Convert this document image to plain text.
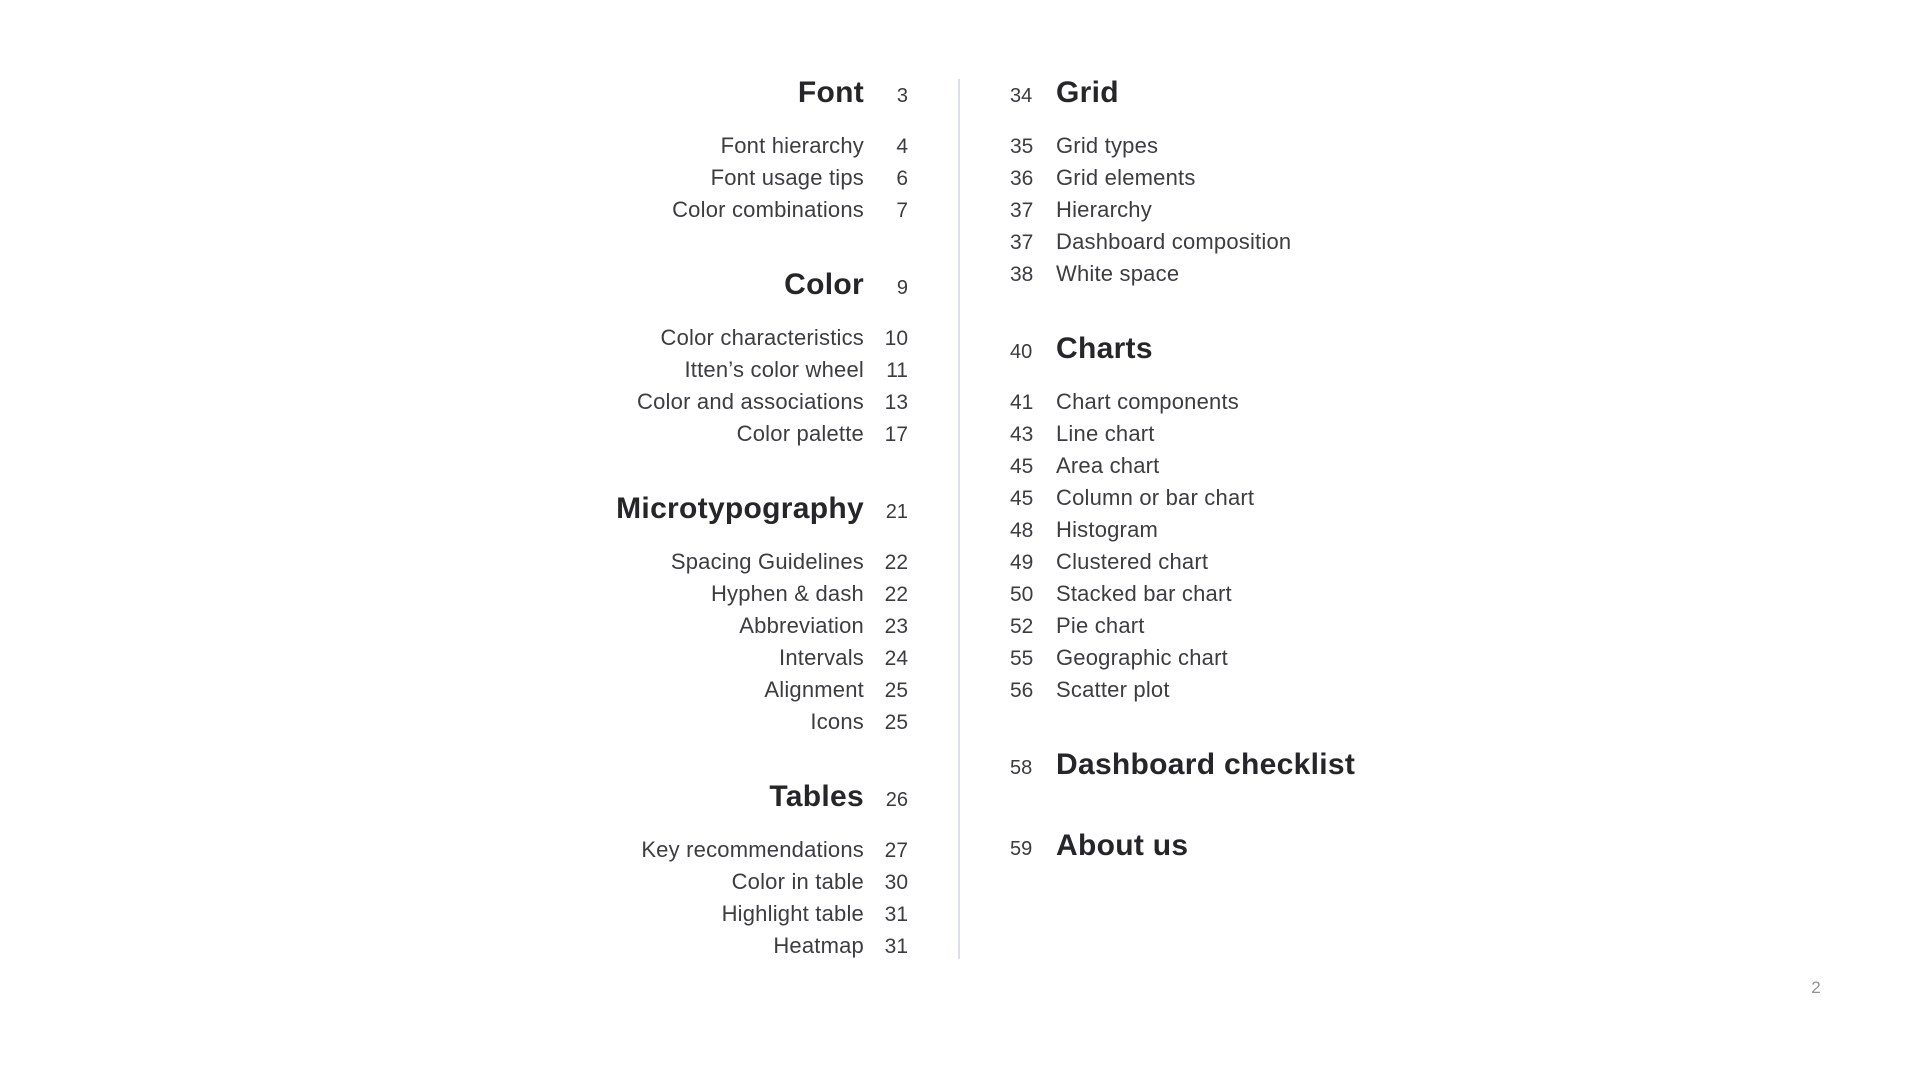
Font	3
Font hierarchy	4
Font usage tips	6
Color combinations	7
Color	9
Color characteristics 10
Itten’s color wheel	11
Color and associations 13
Color palette 17
Microtypography	21
Spacing Guidelines 22
Hyphen & dash 22
Abbreviation 23
Intervals 24
Alignment 25
Icons 25
Tables	26
Key recommendations 27
Color in table 30
Highlight table 31
Heatmap 31
34 Grid
35	Grid types
36	Grid elements
37	Hierarchy
37	Dashboard composition
38	White space
40 Charts
41	Chart components
43	Line chart
45	Area chart
45	Column or bar chart
48	Histogram
49	Clustered chart
50	Stacked bar chart
52	Pie chart
55	Geographic chart
56	Scatter plot
58 Dashboard checklist
59 About us
2
